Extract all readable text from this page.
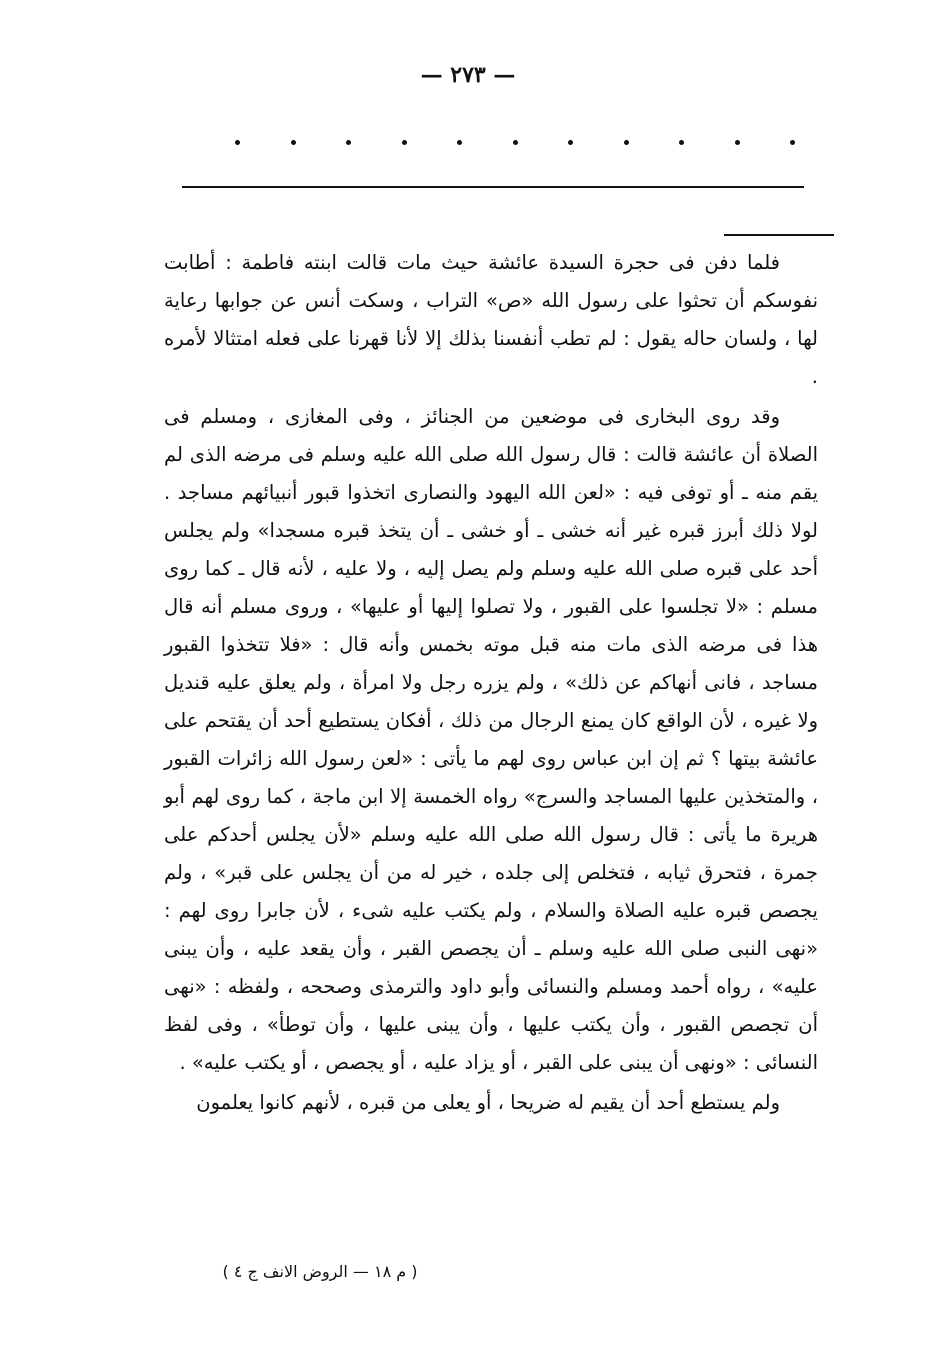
— ٢٧٣ —

فلما دفن فى حجرة السيدة عائشة حيث مات قالت ابنته فاطمة : أطابت نفوسكم أن تحثوا على رسول الله «ص» التراب ، وسكت أنس عن جوابها رعاية لها ، ولسان حاله يقول : لم تطب أنفسنا بذلك إلا لأنا قهرنا على فعله امتثالا لأمره .

وقد روى البخارى فى موضعين من الجنائز ، وفى المغازى ، ومسلم فى الصلاة أن عائشة قالت : قال رسول الله صلى الله عليه وسلم فى مرضه الذى لم يقم منه ـ أو توفى فيه : «لعن الله اليهود والنصارى اتخذوا قبور أنبيائهم مساجد . لولا ذلك أبرز قبره غير أنه خشى ـ أو خشى ـ أن يتخذ قبره مسجدا» ولم يجلس أحد على قبره صلى الله عليه وسلم ولم يصل إليه ، ولا عليه ، لأنه قال ـ كما روى مسلم : «لا تجلسوا على القبور ، ولا تصلوا إليها أو عليها» ، وروى مسلم أنه قال هذا فى مرضه الذى مات منه قبل موته بخمس وأنه قال : «فلا تتخذوا القبور مساجد ، فانى أنهاكم عن ذلك» ، ولم يزره رجل ولا امرأة ، ولم يعلق عليه قنديل ولا غيره ، لأن الواقع كان يمنع الرجال من ذلك ، أفكان يستطيع أحد أن يقتحم على عائشة بيتها ؟ ثم إن ابن عباس روى لهم ما يأتى : «لعن رسول الله زائرات القبور ، والمتخذين عليها المساجد والسرج» رواه الخمسة إلا ابن ماجة ، كما روى لهم أبو هريرة ما يأتى : قال رسول الله صلى الله عليه وسلم «لأن يجلس أحدكم على جمرة ، فتحرق ثيابه ، فتخلص إلى جلده ، خير له من أن يجلس على قبر» ، ولم يجصص قبره عليه الصلاة والسلام ، ولم يكتب عليه شىء ، لأن جابرا روى لهم : «نهى النبى صلى الله عليه وسلم ـ أن يجصص القبر ، وأن يقعد عليه ، وأن يبنى عليه» ، رواه أحمد ومسلم والنسائى وأبو داود والترمذى وصححه ، ولفظه : «نهى أن تجصص القبور ، وأن يكتب عليها ، وأن يبنى عليها ، وأن توطأ» ، وفى لفظ النسائى : «ونهى أن يبنى على القبر ، أو يزاد عليه ، أو يجصص ، أو يكتب عليه» .

ولم يستطع أحد أن يقيم له ضريحا ، أو يعلى من قبره ، لأنهم كانوا يعلمون

( م ١٨ — الروض الانف ج ٤ )
